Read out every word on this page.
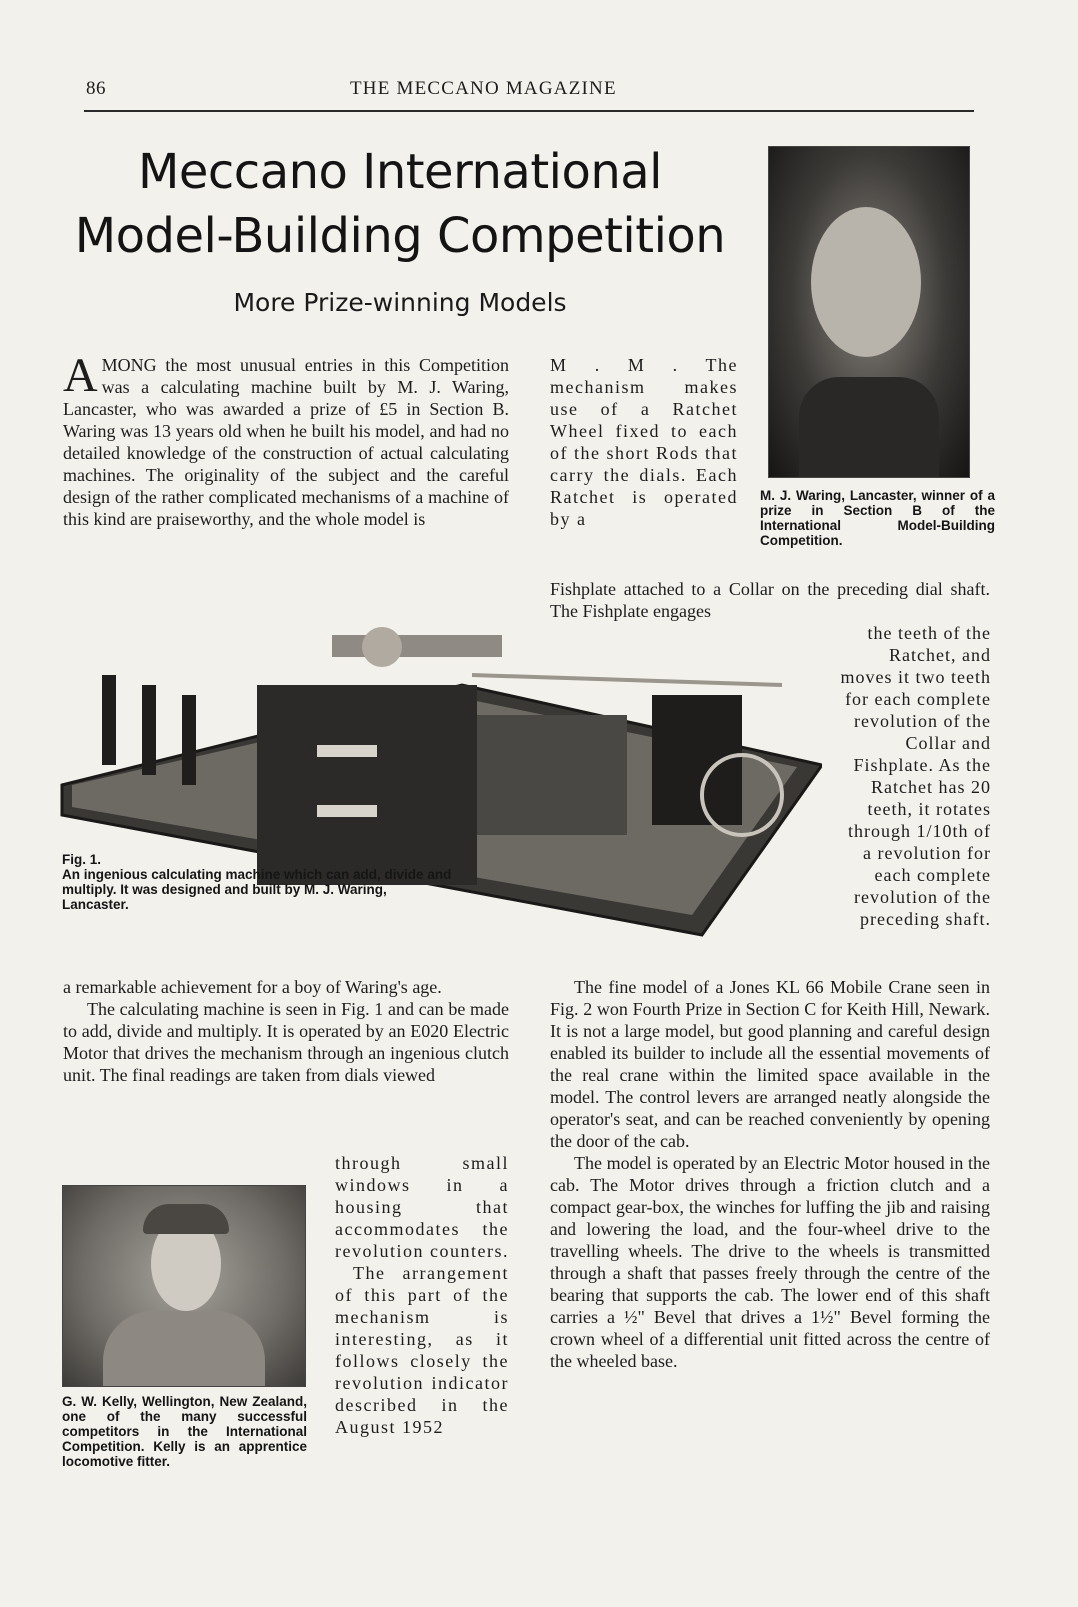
86	THE MECCANO MAGAZINE
Meccano International
Model-Building Competition
More Prize-winning Models
M. J. Waring, Lancaster, winner of a prize in Section B of the International Model-Building Competition.

AMONG the most unusual entries in this Competition was a calculating machine built by M. J. Waring, Lancaster, who was awarded a prize of £5 in Section B. Waring was 13 years old when he built his model, and had no detailed knowledge of the construction of actual calculating machines. The originality of the subject and the careful design of the rather complicated mechanisms of a machine of this kind are praiseworthy, and the whole model is

M . M . The mechanism makes use of a Ratchet Wheel fixed to each of the short Rods that carry the dials. Each Ratchet is operated by a
Fishplate attached to a Collar on the preceding dial shaft. The Fishplate engages
the teeth of the Ratchet, and moves it two teeth for each complete revolution of the Collar and Fishplate. As the Ratchet has 20 teeth, it rotates through 1/10th of a revolution for each complete revolution of the preceding shaft.
Fig. 1.
An ingenious calculating machine which can add, divide and multiply. It was designed and built by M. J. Waring, Lancaster.

a remarkable achievement for a boy of Waring's age.

The calculating machine is seen in Fig. 1 and can be made to add, divide and multiply. It is operated by an E020 Electric Motor that drives the mechanism through an ingenious clutch unit. The final readings are taken from dials viewed

through small windows in a housing that accommodates the revolution counters.

The arrangement of this part of the mechanism is interesting, as it follows closely the revolution indicator described in the August 1952

G. W. Kelly, Wellington, New Zealand, one of the many successful competitors in the International Competition. Kelly is an apprentice locomotive fitter.

The fine model of a Jones KL 66 Mobile Crane seen in Fig. 2 won Fourth Prize in Section C for Keith Hill, Newark. It is not a large model, but good planning and careful design enabled its builder to include all the essential movements of the real crane within the limited space available in the model. The control levers are arranged neatly alongside the operator's seat, and can be reached conveniently by opening the door of the cab.

The model is operated by an Electric Motor housed in the cab. The Motor drives through a friction clutch and a compact gear-box, the winches for luffing the jib and raising and lowering the load, and the four-wheel drive to the travelling wheels. The drive to the wheels is transmitted through a shaft that passes freely through the centre of the bearing that supports the cab. The lower end of this shaft carries a ½" Bevel that drives a 1½" Bevel forming the crown wheel of a differential unit fitted across the centre of the wheeled base.
